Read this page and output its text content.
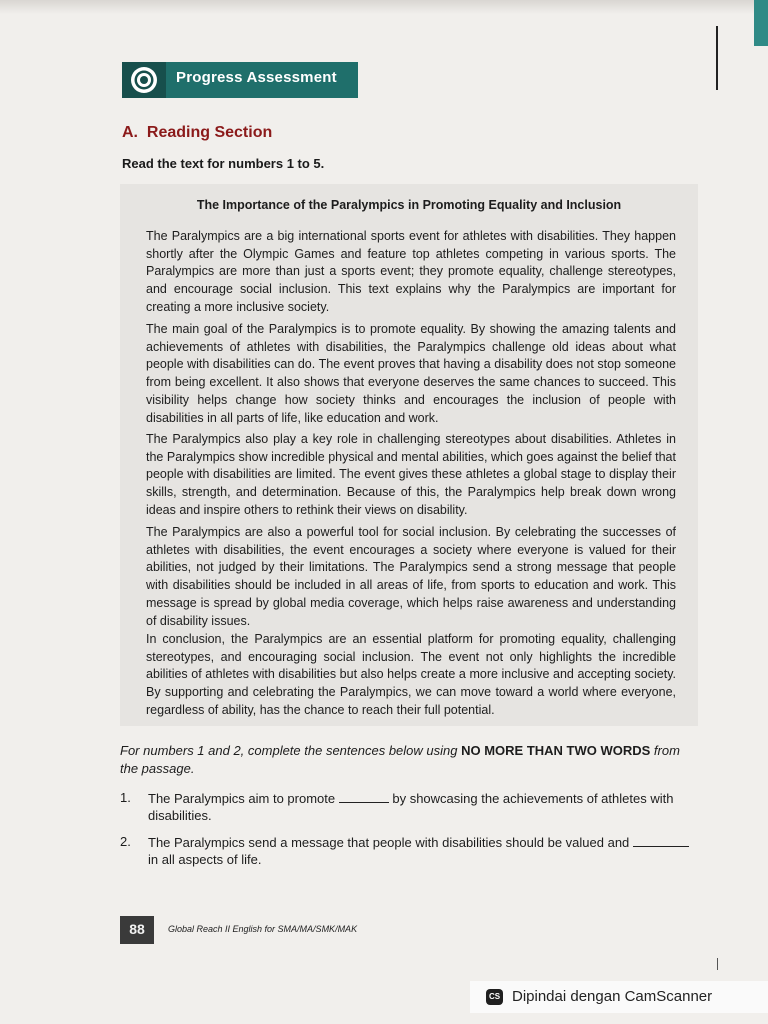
Progress Assessment
A.  Reading Section
Read the text for numbers 1 to 5.
The Importance of the Paralympics in Promoting Equality and Inclusion

The Paralympics are a big international sports event for athletes with disabilities. They happen shortly after the Olympic Games and feature top athletes competing in various sports. The Paralympics are more than just a sports event; they promote equality, challenge stereotypes, and encourage social inclusion. This text explains why the Paralympics are important for creating a more inclusive society.

The main goal of the Paralympics is to promote equality. By showing the amazing talents and achievements of athletes with disabilities, the Paralympics challenge old ideas about what people with disabilities can do. The event proves that having a disability does not stop someone from being excellent. It also shows that everyone deserves the same chances to succeed. This visibility helps change how society thinks and encourages the inclusion of people with disabilities in all parts of life, like education and work.

The Paralympics also play a key role in challenging stereotypes about disabilities. Athletes in the Paralympics show incredible physical and mental abilities, which goes against the belief that people with disabilities are limited. The event gives these athletes a global stage to display their skills, strength, and determination. Because of this, the Paralympics help break down wrong ideas and inspire others to rethink their views on disability.

The Paralympics are also a powerful tool for social inclusion. By celebrating the successes of athletes with disabilities, the event encourages a society where everyone is valued for their abilities, not judged by their limitations. The Paralympics send a strong message that people with disabilities should be included in all areas of life, from sports to education and work. This message is spread by global media coverage, which helps raise awareness and understanding of disability issues.

In conclusion, the Paralympics are an essential platform for promoting equality, challenging stereotypes, and encouraging social inclusion. The event not only highlights the incredible abilities of athletes with disabilities but also helps create a more inclusive and accepting society. By supporting and celebrating the Paralympics, we can move toward a world where everyone, regardless of ability, has the chance to reach their full potential.

For numbers 1 and 2, complete the sentences below using NO MORE THAN TWO WORDS from the passage.

1. The Paralympics aim to promote	by showcasing the achievements of athletes with disabilities.

2. The Paralympics send a message that people with disabilities should be valued and  in all aspects of life.

88	Global Reach II English for SMA/MA/SMK/MAK
CS Dipindai dengan CamScanner
